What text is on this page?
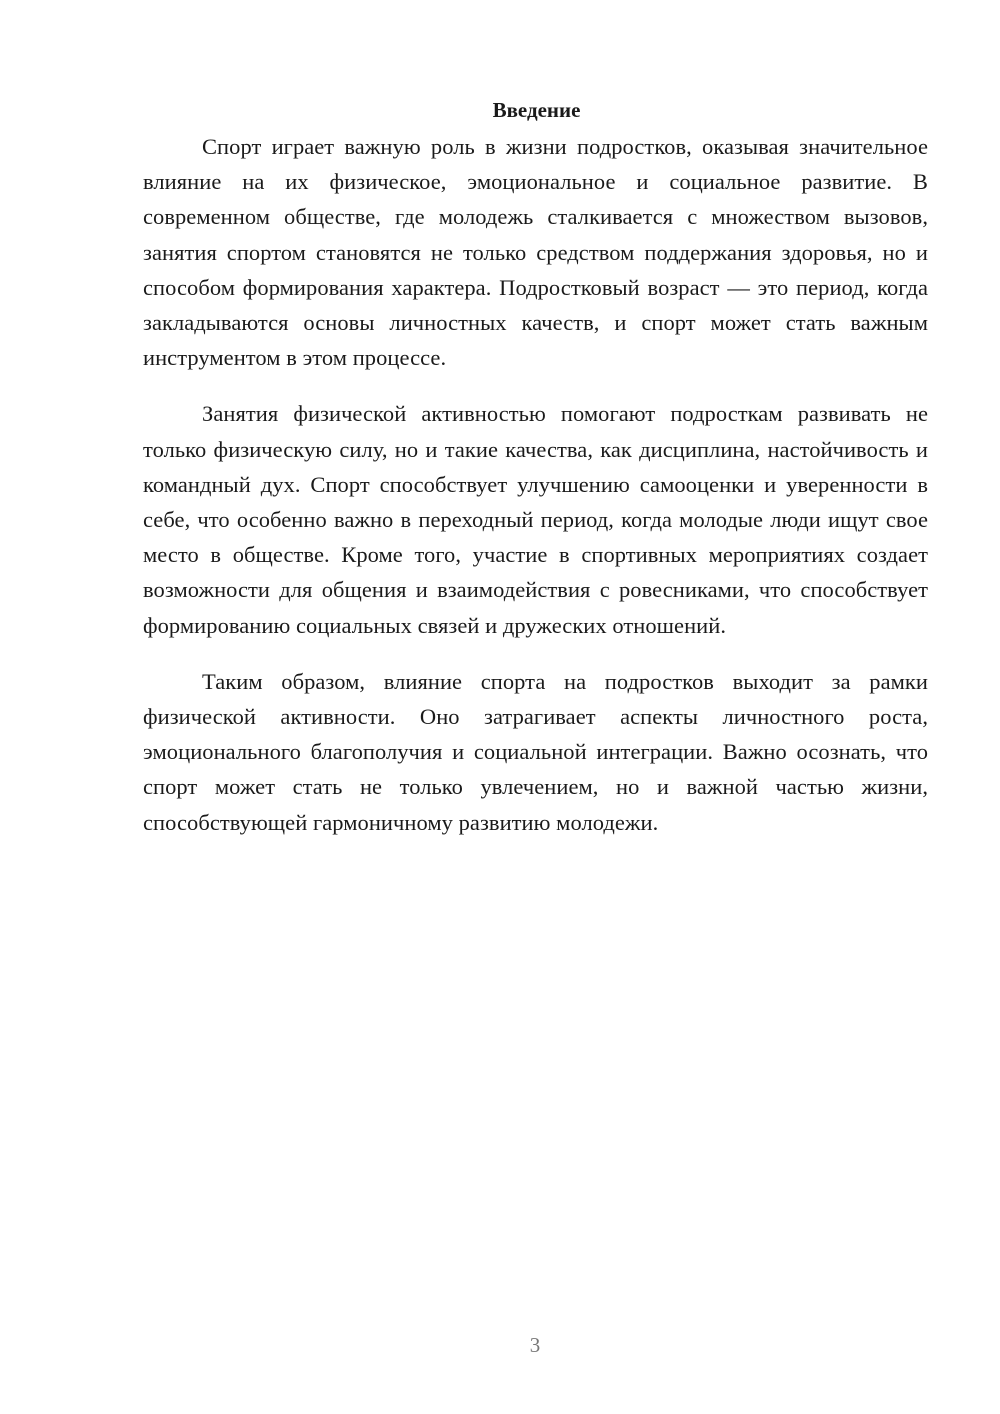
Введение

Спорт играет важную роль в жизни подростков, оказывая значительное влияние на их физическое, эмоциональное и социальное развитие. В современном обществе, где молодежь сталкивается с множеством вызовов, занятия спортом становятся не только средством поддержания здоровья, но и способом формирования характера. Подростковый возраст — это период, когда закладываются основы личностных качеств, и спорт может стать важным инструментом в этом процессе.

Занятия физической активностью помогают подросткам развивать не только физическую силу, но и такие качества, как дисциплина, настойчивость и командный дух. Спорт способствует улучшению самооценки и уверенности в себе, что особенно важно в переходный период, когда молодые люди ищут свое место в обществе. Кроме того, участие в спортивных мероприятиях создает возможности для общения и взаимодействия с ровесниками, что способствует формированию социальных связей и дружеских отношений.

Таким образом, влияние спорта на подростков выходит за рамки физической активности. Оно затрагивает аспекты личностного роста, эмоционального благополучия и социальной интеграции. Важно осознать, что спорт может стать не только увлечением, но и важной частью жизни, способствующей гармоничному развитию молодежи.

3
